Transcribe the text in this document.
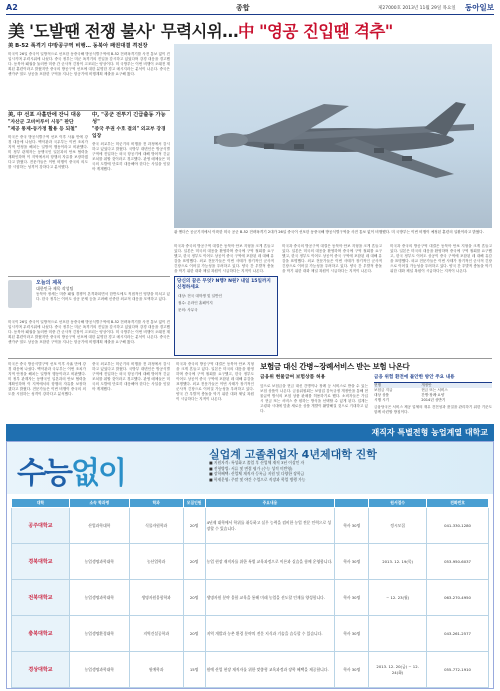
A2	종합	제27000호 2013년 11월 29일 목요일 동아일보
美 '도발땐 전쟁 불사' 무력시위…中 "영공 진입땐 격추"
美 B-52 폭격기 中방공구역 비행… 동북아 패권대결 격전장
미국이 26일 중국이 일방적으로 선포한 동중국해 방공식별구역에 B-52 전략폭격기를 사전 통보 없이 진입시키며 무력시위에 나섰다. 중국 정부는 미군 폭격기의 진입을 감시하고 있었다며 강경 대응을 경고했다. 동북아 패권을 둘러싼 미중 간 군사적 긴장이 고조되는 양상이다. 미 국방부는 이번 비행이 오래전 계획된 훈련이라고 밝혔지만 중국의 방공구역 선포에 대한 분명한 경고 메시지라는 분석이 나온다. 중국은 센카쿠 열도 상공을 포함한 구역을 지나는 항공기에 비행계획 제출을 요구해 왔다.
美, 中 선포 사흘만에 잔니 대응
"자산군 고비어루이 시동" 판단
"제공 통제-동가정 활용 등 되철"
미국은 중국 방공식별구역 선포 이후 사흘 만에 강경 대응에 나섰다. 백악관과 국무부는 이번 조치가 지역 안정을 해치는 일방적 행동이라고 비판했다. 미 정부 관계자는 동맹국인 일본과의 안보 협력을 재확인하며 이 지역에서의 항행의 자유를 보장하겠다고 밝혔다. 전문가들은 이번 비행이 중국의 의도를 시험하는 성격이 강하다고 분석했다.
中, "공군 전투기 긴급출동 가능성"
"중국 주권 수호 결의" 외교부 강경 입장
중국 외교부는 미군기의 비행을 전 과정에서 감시하고 있었다고 밝혔다. 국방부 대변인은 방공식별구역에 진입하는 외국 항공기에 대해 방어적 긴급조치를 취할 것이라고 경고했다. 관영 매체들은 미국의 도발에 단호히 대응해야 한다는 사설을 잇달아 게재했다.
오늘의 제목
대한민국 제목 작성팀
동북아 정세는 미중 패권 경쟁이 본격화되면서 한반도에도 직접적인 영향을 미치고 있다. 한국 정부는 이어도 상공 문제 등을 고려해 신중한 외교적 대응을 모색하고 있다.
미국이 26일 중국이 일방적으로 선포한 동중국해 방공식별구역에 B-52 전략폭격기를 사전 통보 없이 진입시키며 무력시위에 나섰다. 중국 정부는 미군 폭격기의 진입을 감시하고 있었다며 강경 대응을 경고했다. 동북아 패권을 둘러싼 미중 간 군사적 긴장이 고조되는 양상이다. 미 국방부는 이번 비행이 오래전 계획된 훈련이라고 밝혔지만 중국의 방공구역 선포에 대한 분명한 경고 메시지라는 분석이 나온다. 중국은 센카쿠 열도 상공을 포함한 구역을 지나는 항공기에 비행계획 제출을 요구해 왔다.
괌 앤더슨 공군기지에서 이륙한 미국 공군 B-52 전략폭격기 2대가 26일 중국이 선포한 동중국해 방공식별구역을 사전 통보 없이 비행했다. 미 국방부는 이번 비행이 예정된 훈련의 일환이라고 밝혔다.
미국과 중국의 방공구역 대결은 동북아 안보 지형을 크게 흔들고 있다. 일본은 미국의 대응을 환영하며 중국에 구역 철회를 요구했고, 한국 정부도 이어도 상공이 중국 구역에 포함된 데 대해 유감을 표명했다. 외교 전문가들은 이번 사태가 장기적인 군사적 긴장으로 이어질 가능성을 우려하고 있다. 양국 간 우발적 충돌을 막기 위한 대화 채널 복원이 시급하다는 지적이 나온다.
미국과 중국의 방공구역 대결은 동북아 안보 지형을 크게 흔들고 있다. 일본은 미국의 대응을 환영하며 중국에 구역 철회를 요구했고, 한국 정부도 이어도 상공이 중국 구역에 포함된 데 대해 유감을 표명했다. 외교 전문가들은 이번 사태가 장기적인 군사적 긴장으로 이어질 가능성을 우려하고 있다. 양국 간 우발적 충돌을 막기 위한 대화 채널 복원이 시급하다는 지적이 나온다.
미국과 중국의 방공구역 대결은 동북아 안보 지형을 크게 흔들고 있다. 일본은 미국의 대응을 환영하며 중국에 구역 철회를 요구했고, 한국 정부도 이어도 상공이 중국 구역에 포함된 데 대해 유감을 표명했다. 외교 전문가들은 이번 사태가 장기적인 군사적 긴장으로 이어질 가능성을 우려하고 있다. 양국 간 우발적 충돌을 막기 위한 대화 채널 복원이 시급하다는 지적이 나온다.
당신의 꿈은 무엇? N행? N원? 내일 15일까지 신청하세요
대상: 전국 대학생 및 일반인
접수: 온라인 홈페이지
문의: 사무국
보험금 대신 간병~장례서비스 받는 보험 나온다
금융위 현물급여 보험상품 허용
앞으로 보험금을 현금 대신 간병이나 장례 등 서비스로 받을 수 있는 보험 상품이 나온다. 금융위원회는 보험업 감독규정 개정안을 통해 현물급여 방식의 보험 상품 판매를 허용하기로 했다. 소비자들은 가입 시 현금 또는 서비스 중 원하는 방식을 선택할 수 있게 된다. 업계는 고령화 시대에 맞춘 새로운 상품 개발이 활발해질 것으로 기대하고 있다.
미국은 중국 방공식별구역 선포 이후 사흘 만에 강경 대응에 나섰다. 백악관과 국무부는 이번 조치가 지역 안정을 해치는 일방적 행동이라고 비판했다. 미 정부 관계자는 동맹국인 일본과의 안보 협력을 재확인하며 이 지역에서의 항행의 자유를 보장하겠다고 밝혔다. 전문가들은 이번 비행이 중국의 의도를 시험하는 성격이 강하다고 분석했다.
중국 외교부는 미군기의 비행을 전 과정에서 감시하고 있었다고 밝혔다. 국방부 대변인은 방공식별구역에 진입하는 외국 항공기에 대해 방어적 긴급조치를 취할 것이라고 경고했다. 관영 매체들은 미국의 도발에 단호히 대응해야 한다는 사설을 잇달아 게재했다.
미국과 중국의 방공구역 대결은 동북아 안보 지형을 크게 흔들고 있다. 일본은 미국의 대응을 환영하며 중국에 구역 철회를 요구했고, 한국 정부도 이어도 상공이 중국 구역에 포함된 데 대해 유감을 표명했다. 외교 전문가들은 이번 사태가 장기적인 군사적 긴장으로 이어질 가능성을 우려하고 있다. 양국 간 우발적 충돌을 막기 위한 대화 채널 복원이 시급하다는 지적이 나온다.
금융 위험 환전에 불안한 방안 주요 내용
현행	개정안
보험금 지급	현금 또는 서비스
대상 상품	간병·장례·요양
시행 시기	2014년 상반기
금융당국은 서비스 제공 업체의 재무 건전성과 품질을 관리하기 위한 기준도 함께 마련할 방침이다.
재직자 특별전형 농업계열 대학교
수능없이
실업계 고졸취업자 4년제대학 진학
■ 지원자격: 특성화고 졸업 후 산업체 재직 3년 이상인 자
■ 전형방법: 서류 및 면접 평가 (수능 성적 미반영)
■ 장학혜택: 산업체 재직자 등록금 지원 및 다양한 장학금
■ 학제운영: 주말 및 야간 수업으로 직장과 학업 병행 가능
대학	소속 학과명	학과	모집인원	주요내용		원서접수	전화번호
공주대학교	산업과학대학	식물자원학과	20명	4년제 대학에서 학위를 취득하고 실무 능력을 겸비한 농업 전문 인력으로 성장할 수 있습니다.	학사 30명	정시모집	041-330-1280
경북대학교	농업생명과학대학	농산업학과	20명	농업 현장 재직자를 위한 특별 교육과정으로 이론과 실습을 함께 운영합니다.	학사 30명	2013. 12. 19(목)	053-950-6037
전북대학교	농업생명과학대학	생명자원융합학과	20명	생명자원 분야 융합 교육을 통해 미래 농업을 선도할 인재를 양성합니다.	학사 30명	~ 12. 23(월)	063-270-4950
충북대학교	농업생명환경대학	지역건설공학과	20명	지역 개발과 농촌 환경 분야의 전문 지식과 기술을 습득할 수 있습니다.	학사 30명		043-261-2577
경상대학교	농업생명과학대학	원예학과	15명	원예 산업 현장 재직자를 위한 맞춤형 교육과정과 장학 혜택을 제공합니다.	학사 30명	2013. 12. 20(금) ~ 12. 24(화)	055-772-1910
